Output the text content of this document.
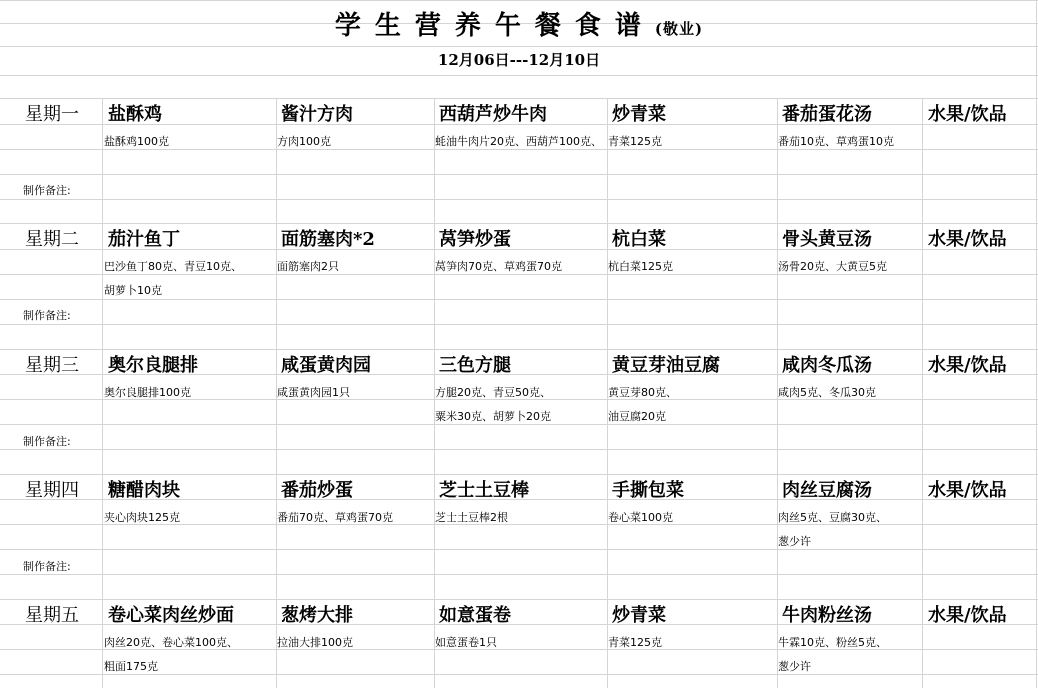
学生营养午餐食谱(敬业)
12月06日---12月10日
星期一 盐酥鸡
盐酥鸡100克
酱汁方肉
方肉100克
西葫芦炒牛肉
蚝油牛肉片20克、西葫芦100克、
炒青菜
青菜125克
番茄蛋花汤
番茄10克、草鸡蛋10克
水果/饮品
制作备注:
星期二 茄汁鱼丁
巴沙鱼丁80克、青豆10克、
胡萝卜10克
面筋塞肉*2
面筋塞肉2只
莴笋炒蛋
莴笋肉70克、草鸡蛋70克
杭白菜
杭白菜125克
骨头黄豆汤
汤骨20克、大黄豆5克
水果/饮品
制作备注:
星期三 奥尔良腿排
奥尔良腿排100克
咸蛋黄肉园
咸蛋黄肉园1只
三色方腿
方腿20克、青豆50克、
粟米30克、胡萝卜20克
黄豆芽油豆腐
黄豆芽80克、
油豆腐20克
咸肉冬瓜汤
咸肉5克、冬瓜30克
水果/饮品
制作备注:
星期四 糖醋肉块
夹心肉块125克
番茄炒蛋
番茄70克、草鸡蛋70克
芝士土豆棒
芝士土豆棒2根
手撕包菜
卷心菜100克
肉丝豆腐汤
肉丝5克、豆腐30克、
葱少许
水果/饮品
制作备注:
星期五 卷心菜肉丝炒面
肉丝20克、卷心菜100克、
粗面175克
葱烤大排
拉油大排100克
如意蛋卷
如意蛋卷1只
炒青菜
青菜125克
牛肉粉丝汤
牛霖10克、粉丝5克、
葱少许
水果/饮品
